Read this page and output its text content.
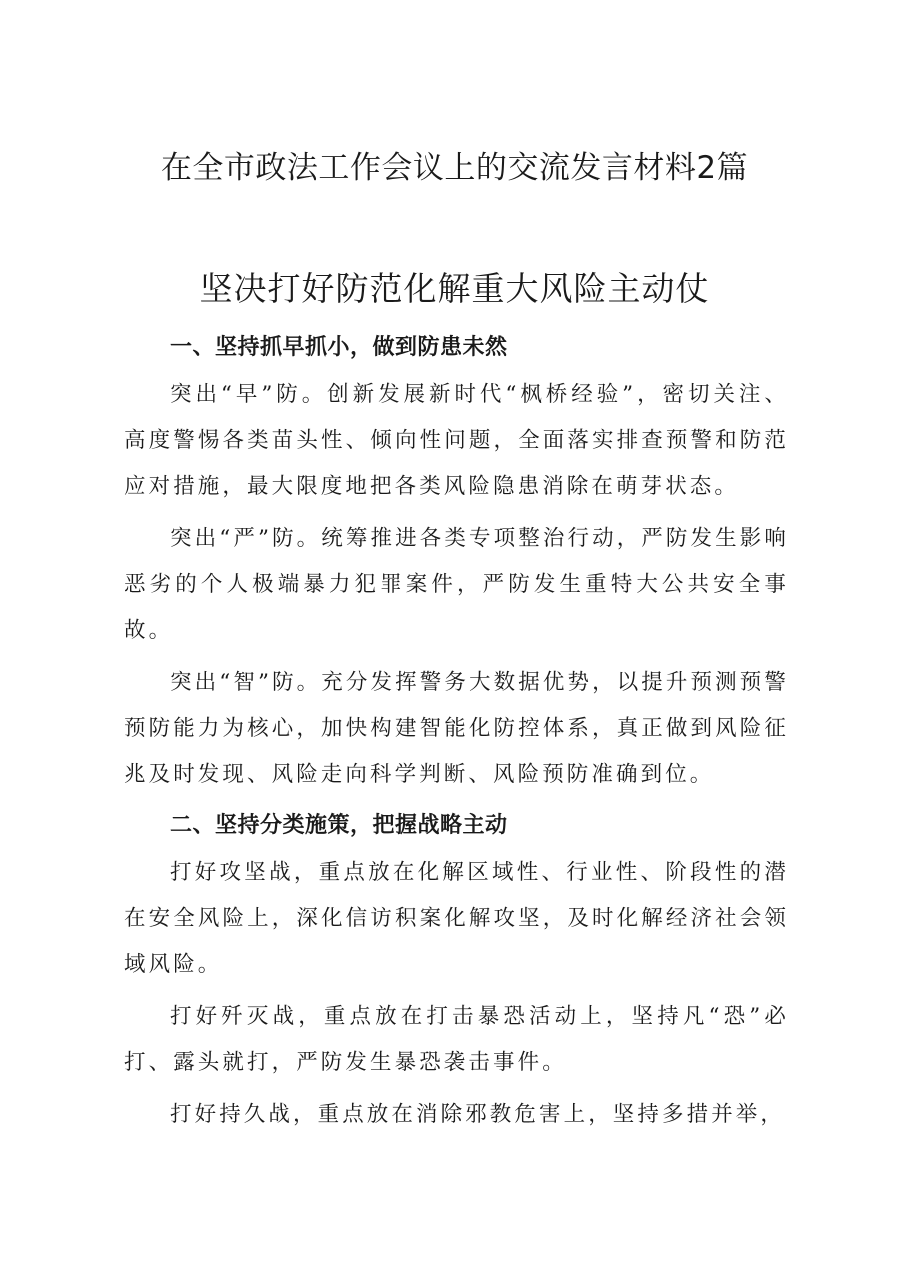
在全市政法工作会议上的交流发言材料2篇
坚决打好防范化解重大风险主动仗

一、坚持抓早抓小，做到防患未然

突出“早”防。创新发展新时代“枫桥经验”，密切关注、高度警惕各类苗头性、倾向性问题，全面落实排查预警和防范应对措施，最大限度地把各类风险隐患消除在萌芽状态。

突出“严”防。统筹推进各类专项整治行动，严防发生影响恶劣的个人极端暴力犯罪案件，严防发生重特大公共安全事故。

突出“智”防。充分发挥警务大数据优势，以提升预测预警预防能力为核心，加快构建智能化防控体系，真正做到风险征兆及时发现、风险走向科学判断、风险预防准确到位。

二、坚持分类施策，把握战略主动

打好攻坚战，重点放在化解区域性、行业性、阶段性的潜在安全风险上，深化信访积案化解攻坚，及时化解经济社会领域风险。

打好歼灭战，重点放在打击暴恐活动上，坚持凡“恐”必打、露头就打，严防发生暴恐袭击事件。

打好持久战，重点放在消除邪教危害上，坚持多措并举，
